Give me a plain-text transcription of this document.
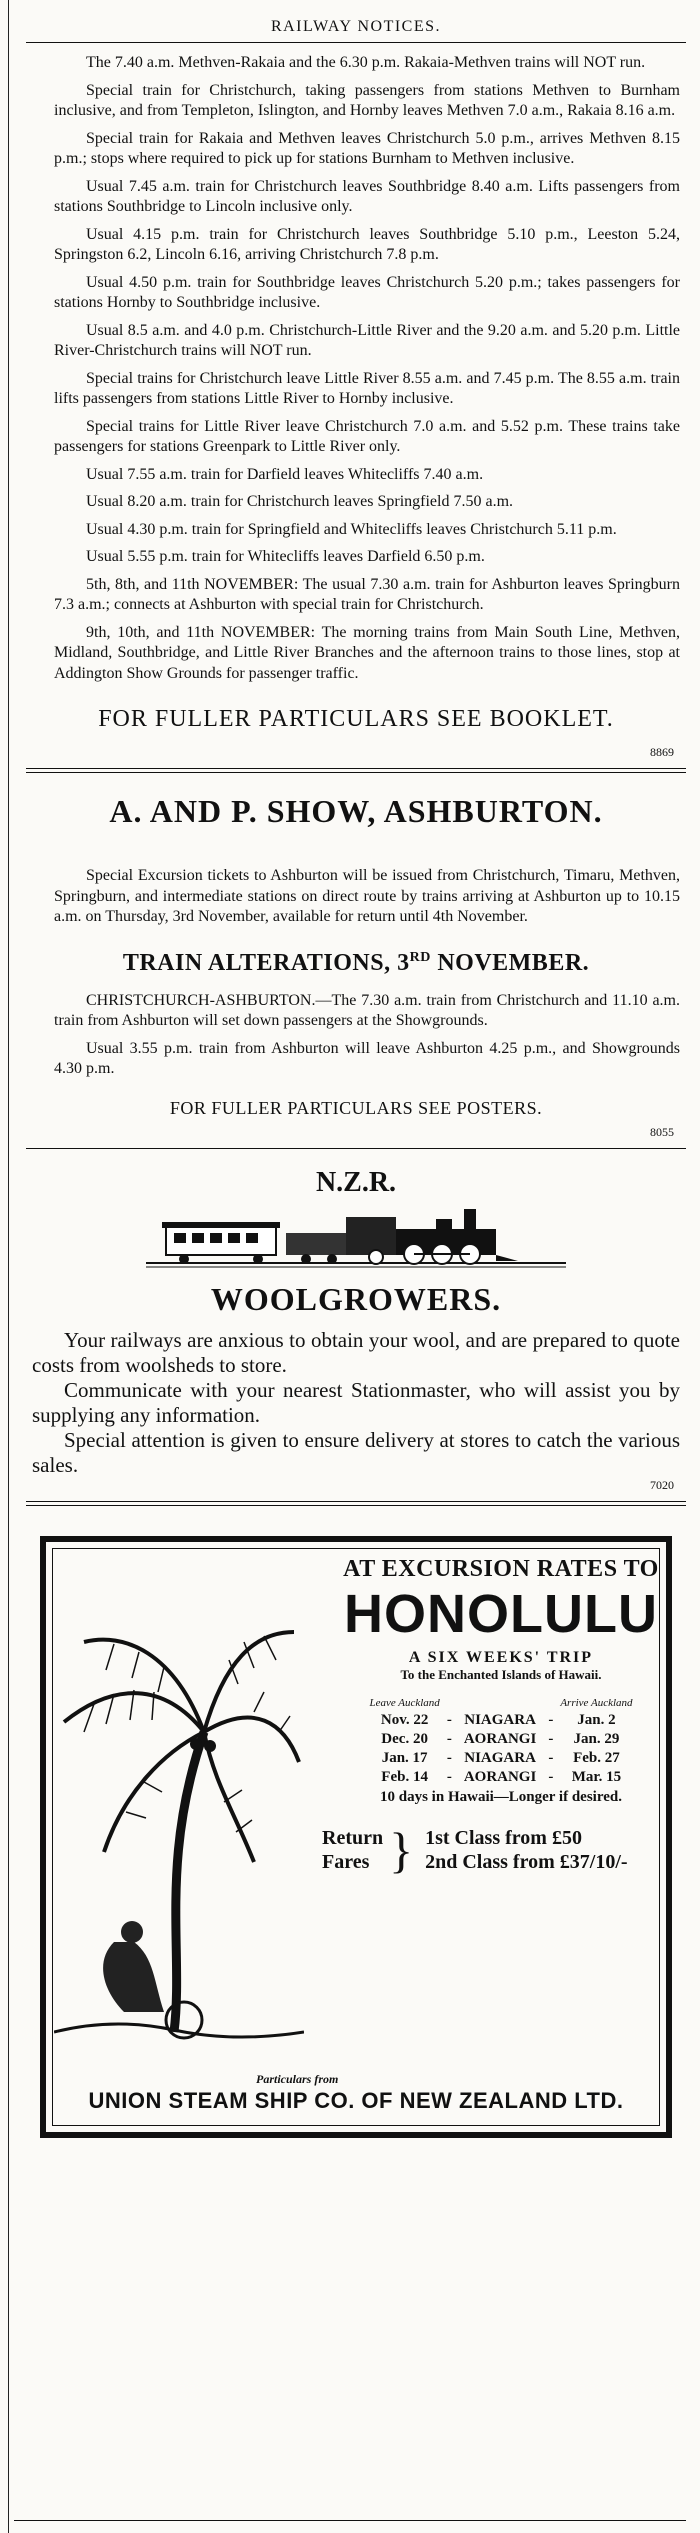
RAILWAY NOTICES.

The 7.40 a.m. Methven-Rakaia and the 6.30 p.m. Rakaia-Methven trains will NOT run.

Special train for Christchurch, taking passengers from stations Methven to Burnham inclusive, and from Templeton, Islington, and Hornby leaves Methven 7.0 a.m., Rakaia 8.16 a.m.

Special train for Rakaia and Methven leaves Christchurch 5.0 p.m., arrives Methven 8.15 p.m.; stops where required to pick up for stations Burnham to Methven inclusive.

Usual 7.45 a.m. train for Christchurch leaves Southbridge 8.40 a.m. Lifts passengers from stations Southbridge to Lincoln inclusive only.

Usual 4.15 p.m. train for Christchurch leaves Southbridge 5.10 p.m., Leeston 5.24, Springston 6.2, Lincoln 6.16, arriving Christchurch 7.8 p.m.

Usual 4.50 p.m. train for Southbridge leaves Christchurch 5.20 p.m.; takes passengers for stations Hornby to Southbridge inclusive.

Usual 8.5 a.m. and 4.0 p.m. Christchurch-Little River and the 9.20 a.m. and 5.20 p.m. Little River-Christchurch trains will NOT run.

Special trains for Christchurch leave Little River 8.55 a.m. and 7.45 p.m. The 8.55 a.m. train lifts passengers from stations Little River to Hornby inclusive.

Special trains for Little River leave Christchurch 7.0 a.m. and 5.52 p.m. These trains take passengers for stations Greenpark to Little River only.

Usual 7.55 a.m. train for Darfield leaves Whitecliffs 7.40 a.m.

Usual 8.20 a.m. train for Christchurch leaves Springfield 7.50 a.m.

Usual 4.30 p.m. train for Springfield and Whitecliffs leaves Christchurch 5.11 p.m.

Usual 5.55 p.m. train for Whitecliffs leaves Darfield 6.50 p.m.

5th, 8th, and 11th NOVEMBER: The usual 7.30 a.m. train for Ashburton leaves Springburn 7.3 a.m.; connects at Ashburton with special train for Christchurch.

9th, 10th, and 11th NOVEMBER: The morning trains from Main South Line, Methven, Midland, Southbridge, and Little River Branches and the afternoon trains to those lines, stop at Addington Show Grounds for passenger traffic.

FOR FULLER PARTICULARS SEE BOOKLET.

8869

A. AND P. SHOW, ASHBURTON.

Special Excursion tickets to Ashburton will be issued from Christchurch, Timaru, Methven, Springburn, and intermediate stations on direct route by trains arriving at Ashburton up to 10.15 a.m. on Thursday, 3rd November, available for return until 4th November.

TRAIN ALTERATIONS, 3RD NOVEMBER.

CHRISTCHURCH-ASHBURTON.—The 7.30 a.m. train from Christchurch and 11.10 a.m. train from Ashburton will set down passengers at the Showgrounds.

Usual 3.55 p.m. train from Ashburton will leave Ashburton 4.25 p.m., and Showgrounds 4.30 p.m.

FOR FULLER PARTICULARS SEE POSTERS.

8055

N.Z.R.

WOOLGROWERS.

Your railways are anxious to obtain your wool, and are prepared to quote costs from woolsheds to store.

Communicate with your nearest Stationmaster, who will assist you by supplying any information.

Special attention is given to ensure delivery at stores to catch the various sales.

7020

AT EXCURSION RATES TO
HONOLULU
A SIX WEEKS' TRIP
To the Enchanted Islands of Hawaii.
Leave Auckland				Arrive Auckland
Nov. 22	-	NIAGARA	-	Jan. 2
Dec. 20	-	AORANGI	-	Jan. 29
Jan. 17	-	NIAGARA	-	Feb. 27
Feb. 14	-	AORANGI	-	Mar. 15
10 days in Hawaii—Longer if desired.
Return
Fares } 1st Class from £50
2nd Class from £37/10/-
Particulars from
UNION STEAM SHIP CO. OF NEW ZEALAND LTD.
